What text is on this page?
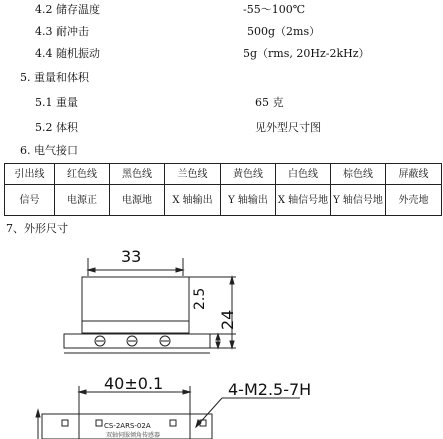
4.2 储存温度	-55～100℃
4.3 耐冲击	500g（2ms）
4.4 随机振动	5g（rms, 20Hz-2kHz）
5. 重量和体积
5.1 重量	65 克
5.2 体积	见外型尺寸图
6. 电气接口
引出线	红色线	黑色线	兰色线	黄色线	白色线	棕色线	屏蔽线
信号	电源正	电源地	X 轴输出	Y 轴输出	X 轴信号地	Y 轴信号地	外壳地
7、外形尺寸
33
2.5
24
40±0.1	4-M2.5-7H
CS-2ARS-02A
双轴伺服倾角传感器
